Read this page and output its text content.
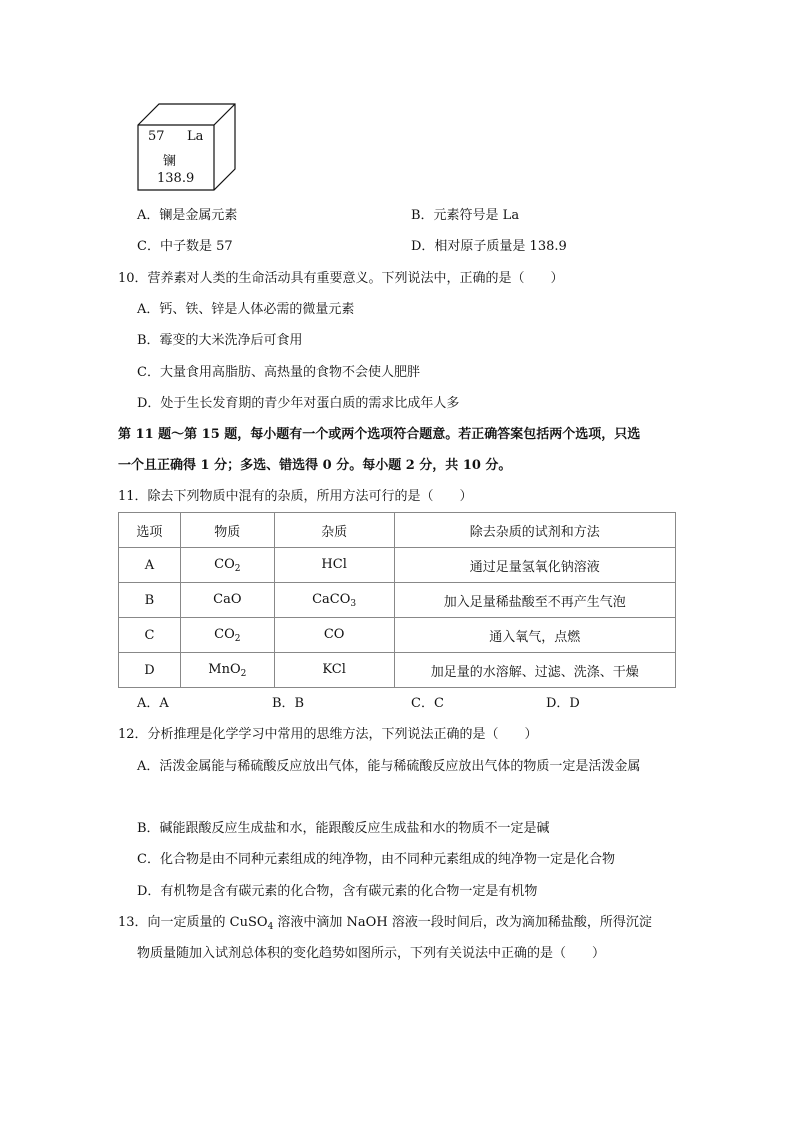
57 La
镧
138.9
A．镧是金属元素	B．元素符号是 La
C．中子数是 57	D．相对原子质量是 138.9
10．营养素对人类的生命活动具有重要意义。下列说法中，正确的是（　　）
A．钙、铁、锌是人体必需的微量元素
B．霉变的大米洗净后可食用
C．大量食用高脂肪、高热量的食物不会使人肥胖
D．处于生长发育期的青少年对蛋白质的需求比成年人多
第 11 题～第 15 题，每小题有一个或两个选项符合题意。若正确答案包括两个选项，只选
一个且正确得 1 分；多选、错选得 0 分。每小题 2 分，共 10 分。
11．除去下列物质中混有的杂质，所用方法可行的是（　　）
选项	物质	杂质	除去杂质的试剂和方法
A	$CO_2$	HCl	通过足量氢氧化钠溶液
B	CaO	CaCO$_3$	加入足量稀盐酸至不再产生气泡
C	$CO_2$	CO	通入氧气，点燃
D	MnO$_2$	KCl	加足量的水溶解、过滤、洗涤、干燥
A．A	B．B	C．C	D．D
12．分析推理是化学学习中常用的思维方法，下列说法正确的是（　　）
A．活泼金属能与稀硫酸反应放出气体，能与稀硫酸反应放出气体的物质一定是活泼金属
B．碱能跟酸反应生成盐和水，能跟酸反应生成盐和水的物质不一定是碱
C．化合物是由不同种元素组成的纯净物，由不同种元素组成的纯净物一定是化合物
D．有机物是含有碳元素的化合物，含有碳元素的化合物一定是有机物
13．向一定质量的 CuSO$_4$ 溶液中滴加 NaOH 溶液一段时间后，改为滴加稀盐酸，所得沉淀
物质量随加入试剂总体积的变化趋势如图所示，下列有关说法中正确的是（　　）
